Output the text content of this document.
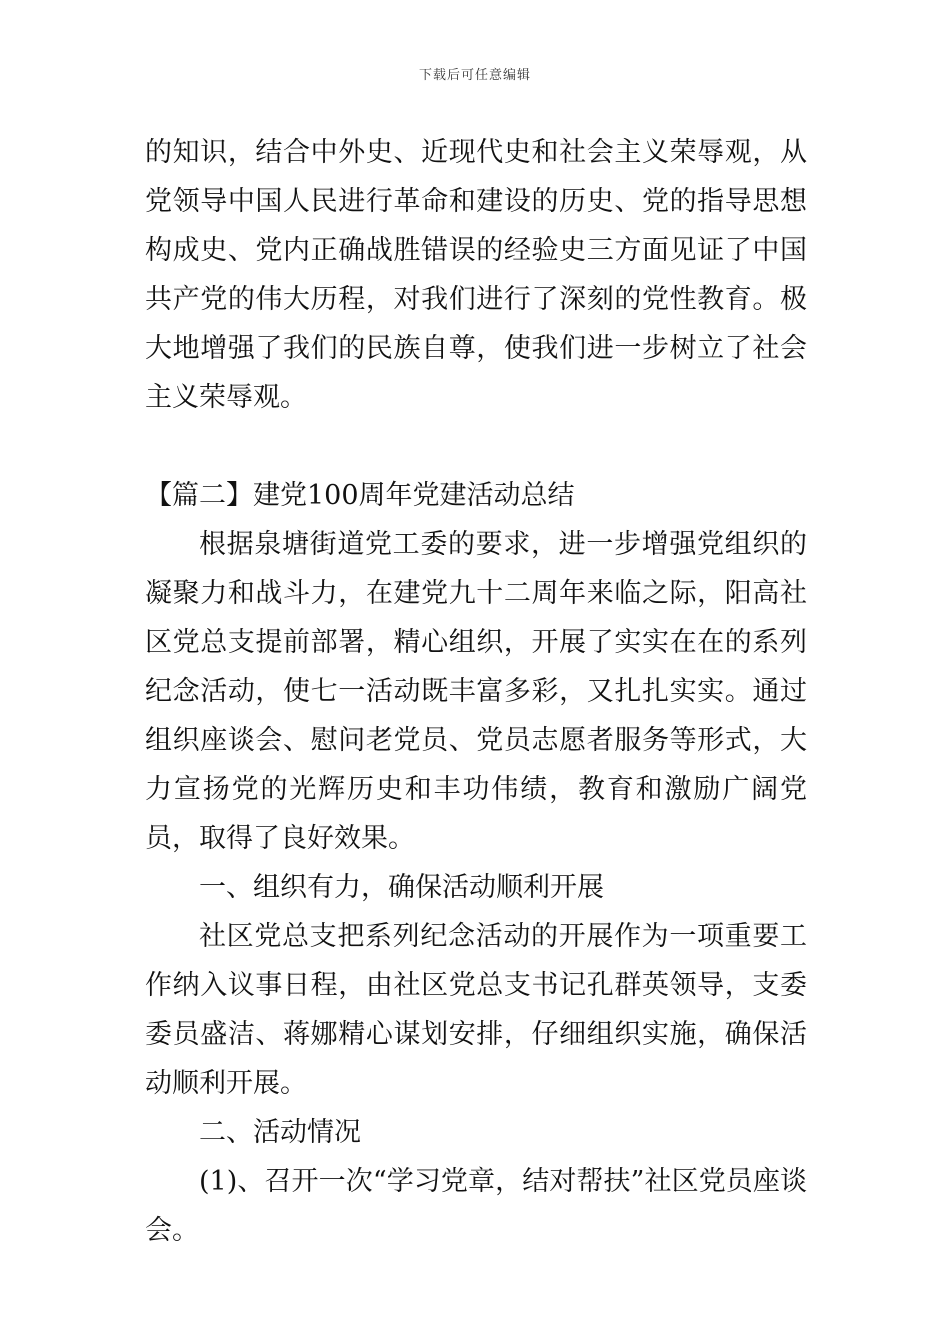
下载后可任意编辑

的知识，结合中外史、近现代史和社会主义荣辱观，从党领导中国人民进行革命和建设的历史、党的指导思想构成史、党内正确战胜错误的经验史三方面见证了中国共产党的伟大历程，对我们进行了深刻的党性教育。极大地增强了我们的民族自尊，使我们进一步树立了社会主义荣辱观。

【篇二】建党100周年党建活动总结

根据泉塘街道党工委的要求，进一步增强党组织的凝聚力和战斗力，在建党九十二周年来临之际，阳高社区党总支提前部署，精心组织，开展了实实在在的系列纪念活动，使七一活动既丰富多彩，又扎扎实实。通过组织座谈会、慰问老党员、党员志愿者服务等形式，大力宣扬党的光辉历史和丰功伟绩，教育和激励广阔党员，取得了良好效果。

一、组织有力，确保活动顺利开展

社区党总支把系列纪念活动的开展作为一项重要工作纳入议事日程，由社区党总支书记孔群英领导，支委委员盛洁、蒋娜精心谋划安排，仔细组织实施，确保活动顺利开展。

二、活动情况

(1)、召开一次“学习党章，结对帮扶”社区党员座谈会。
